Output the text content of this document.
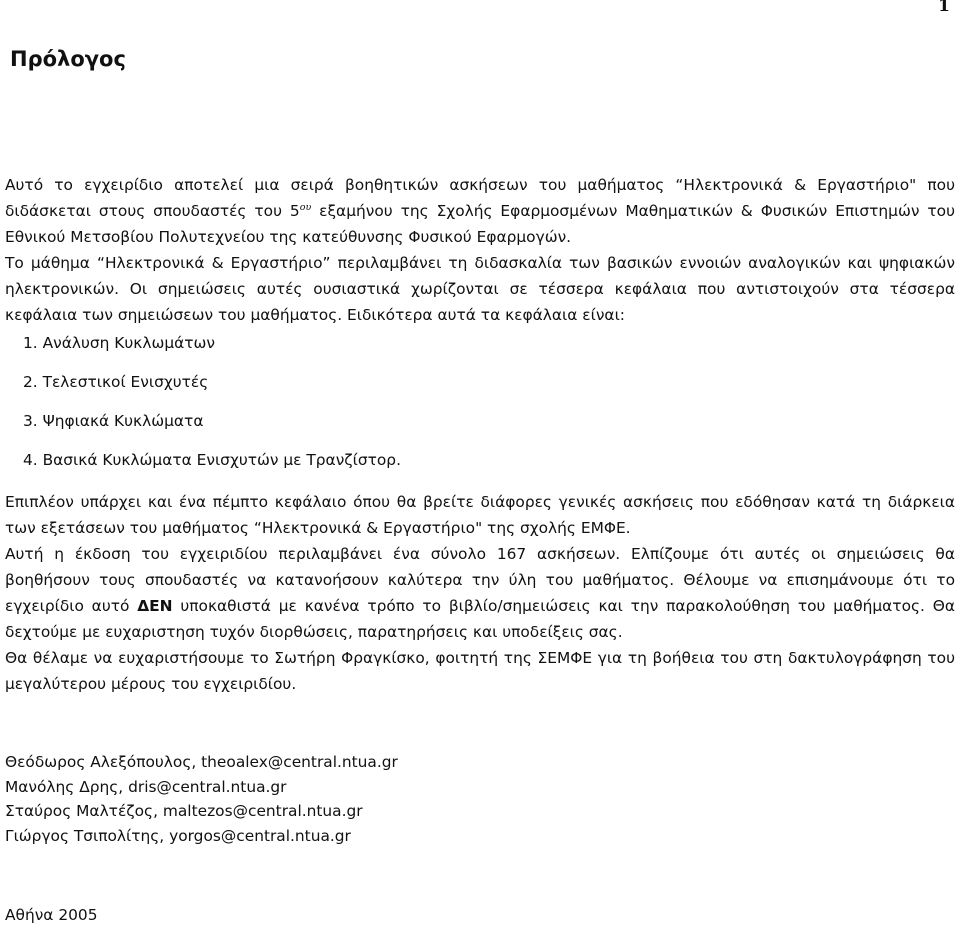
1
Πρόλογος

Αυτό το εγχειρίδιο αποτελεί μια σειρά βοηθητικών ασκήσεων του μαθήματος “Ηλεκτρονικά & Εργαστήριο" που διδάσκεται στους σπουδαστές του $5^{o\upsilon}$ εξαμήνου της Σχολής Εφαρμοσμένων Μαθηματικών & Φυσικών Επιστημών του Εθνικού Μετσοβίου Πολυτεχνείου της κατεύθυνσης Φυσικού Εφαρμογών.
Το μάθημα “Ηλεκτρονικά & Εργαστήριο” περιλαμβάνει τη διδασκαλία των βασικών εννοιών αναλογικών και ψηφιακών ηλεκτρονικών. Οι σημειώσεις αυτές ουσιαστικά χωρίζονται σε τέσσερα κεφάλαια που αντιστοιχούν στα τέσσερα κεφάλαια των σημειώσεων του μαθήματος. Ειδικότερα αυτά τα κεφάλαια είναι:

1. Ανάλυση Κυκλωμάτων
2. Τελεστικοί Ενισχυτές
3. Ψηφιακά Κυκλώματα
4. Βασικά Κυκλώματα Ενισχυτών με Τρανζίστορ.

Επιπλέον υπάρχει και ένα πέμπτο κεφάλαιο όπου θα βρείτε διάφορες γενικές ασκήσεις που εδόθησαν κατά τη διάρκεια των εξετάσεων του μαθήματος “Ηλεκτρονικά & Εργαστήριο" της σχολής ΕΜΦΕ.

Αυτή η έκδοση του εγχειριδίου περιλαμβάνει ένα σύνολο 167 ασκήσεων. Ελπίζουμε ότι αυτές οι σημειώσεις θα βοηθήσουν τους σπουδαστές να κατανοήσουν καλύτερα την ύλη του μαθήματος. Θέλουμε να επισημάνουμε ότι το εγχειρίδιο αυτό ΔΕΝ υποκαθιστά με κανένα τρόπο το βιβλίο/σημειώσεις και την παρακολούθηση του μαθήματος. Θα δεχτούμε με ευχαριστηση τυχόν διορθώσεις, παρατηρήσεις και υποδείξεις σας.

Θα θέλαμε να ευχαριστήσουμε το Σωτήρη Φραγκίσκο, φοιτητή της ΣΕΜΦΕ για τη βοήθεια του στη δακτυλογράφηση του μεγαλύτερου μέρους του εγχειριδίου.

Θεόδωρος Αλεξόπουλος, theoalex@central.ntua.gr
Μανόλης Δρης, dris@central.ntua.gr
Σταύρος Μαλτέζος, maltezos@central.ntua.gr
Γιώργος Τσιπολίτης, yorgos@central.ntua.gr
Αθήνα 2005
